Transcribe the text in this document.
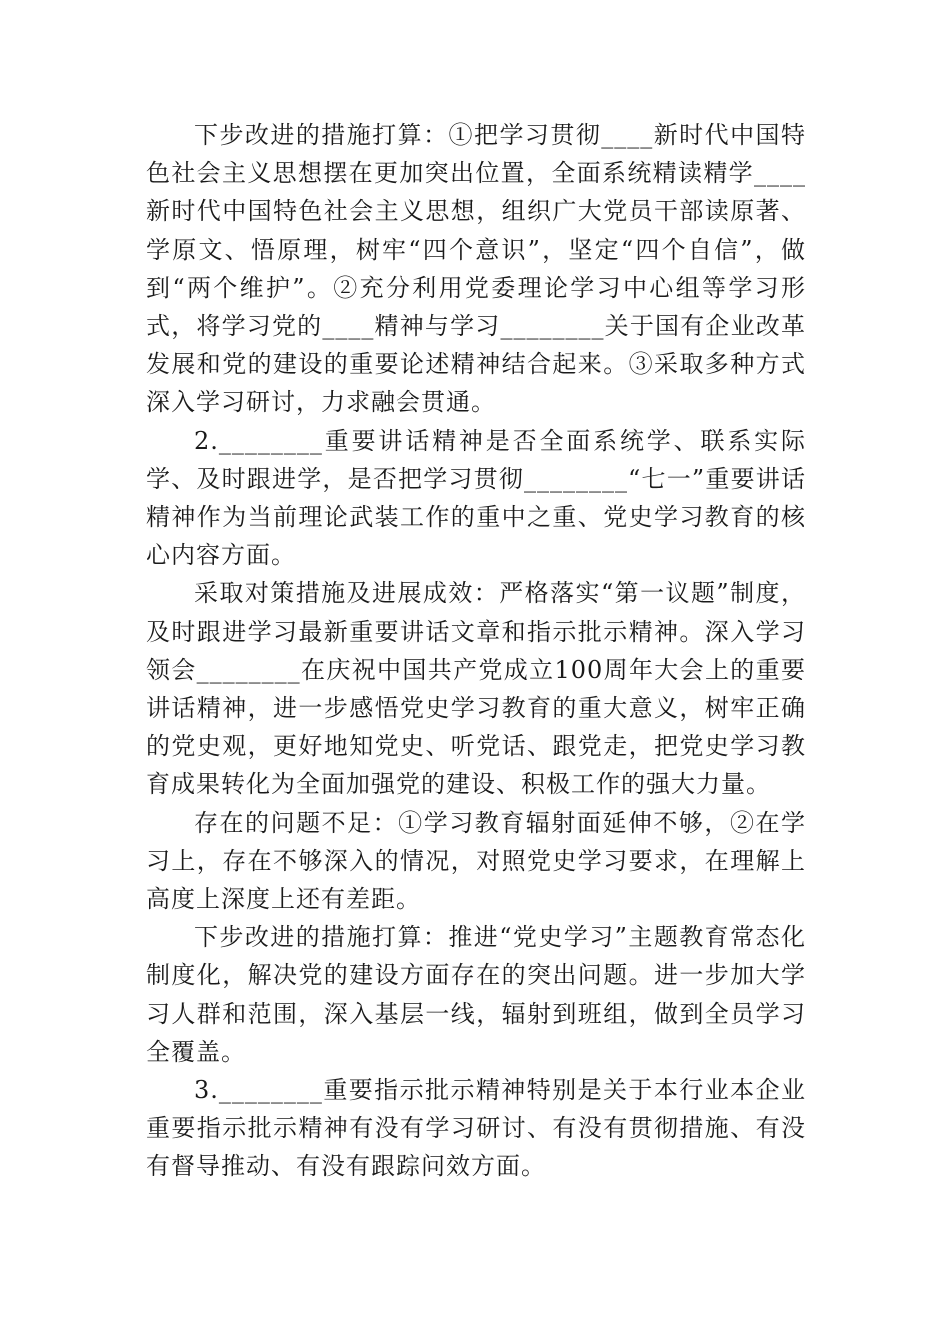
下步改进的措施打算：①把学习贯彻____新时代中国特色社会主义思想摆在更加突出位置，全面系统精读精学____新时代中国特色社会主义思想，组织广大党员干部读原著、学原文、悟原理，树牢“四个意识”，坚定“四个自信”，做到“两个维护”。②充分利用党委理论学习中心组等学习形式，将学习党的____精神与学习________关于国有企业改革发展和党的建设的重要论述精神结合起来。③采取多种方式深入学习研讨，力求融会贯通。

2.________重要讲话精神是否全面系统学、联系实际学、及时跟进学，是否把学习贯彻________“七一”重要讲话精神作为当前理论武装工作的重中之重、党史学习教育的核心内容方面。

采取对策措施及进展成效：严格落实“第一议题”制度，及时跟进学习最新重要讲话文章和指示批示精神。深入学习领会________在庆祝中国共产党成立100周年大会上的重要讲话精神，进一步感悟党史学习教育的重大意义，树牢正确的党史观，更好地知党史、听党话、跟党走，把党史学习教育成果转化为全面加强党的建设、积极工作的强大力量。

存在的问题不足：①学习教育辐射面延伸不够，②在学习上，存在不够深入的情况，对照党史学习要求，在理解上高度上深度上还有差距。

下步改进的措施打算：推进“党史学习”主题教育常态化制度化，解决党的建设方面存在的突出问题。进一步加大学习人群和范围，深入基层一线，辐射到班组，做到全员学习全覆盖。

3.________重要指示批示精神特别是关于本行业本企业重要指示批示精神有没有学习研讨、有没有贯彻措施、有没有督导推动、有没有跟踪问效方面。
